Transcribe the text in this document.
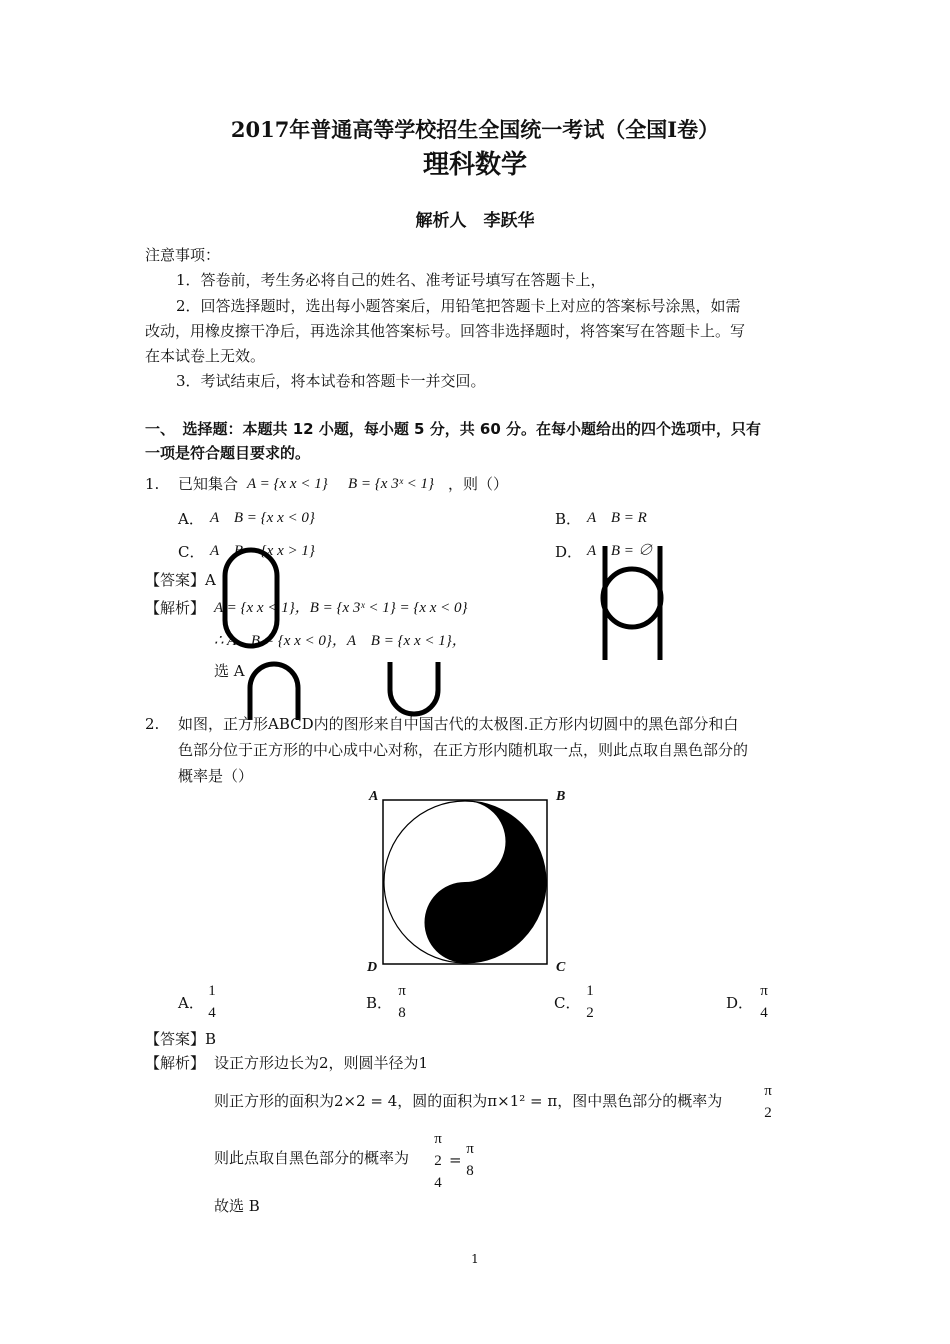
2017年普通高等学校招生全国统一考试（全国I卷）
理科数学
解析人　李跃华
注意事项：
1．答卷前，考生务必将自己的姓名、准考证号填写在答题卡上，
2．回答选择题时，选出每小题答案后，用铅笔把答题卡上对应的答案标号涂黑，如需
改动，用橡皮擦干净后，再选涂其他答案标号。回答非选择题时，将答案写在答题卡上。写
在本试卷上无效。
3．考试结束后，将本试卷和答题卡一并交回。
一、　选择题：本题共 12 小题，每小题 5 分，共 60 分。在每小题给出的四个选项中，只有
一项是符合题目要求的。
1. 已知集合 A = {x x < 1} B = {x 3ˣ < 1} ，则（）
A． A　B = {x x < 0}	B． A　B = R
C． A　B = {x x > 1}	D． A　B = ∅
【答案】A
【解析】 A = {x x < 1}，B = {x 3ˣ < 1} = {x x < 0}
∴ A　B = {x x < 0}，A　B = {x x < 1}，
选 A
2. 如图，正方形ABCD内的图形来自中国古代的太极图.正方形内切圆中的黑色部分和白
色部分位于正方形的中心成中心对称，在正方形内随机取一点，则此点取自黑色部分的
概率是（）
A	B
C
D
A．
1
4
B．
π
8
C．
1
2
D．
π
4
【答案】B
【解析】 设正方形边长为2，则圆半径为1
则正方形的面积为2×2 = 4，圆的面积为π×1² = π，图中黑色部分的概率为
π
2
则此点取自黑色部分的概率为
π
2
4
=
π
8
故选 B
1
